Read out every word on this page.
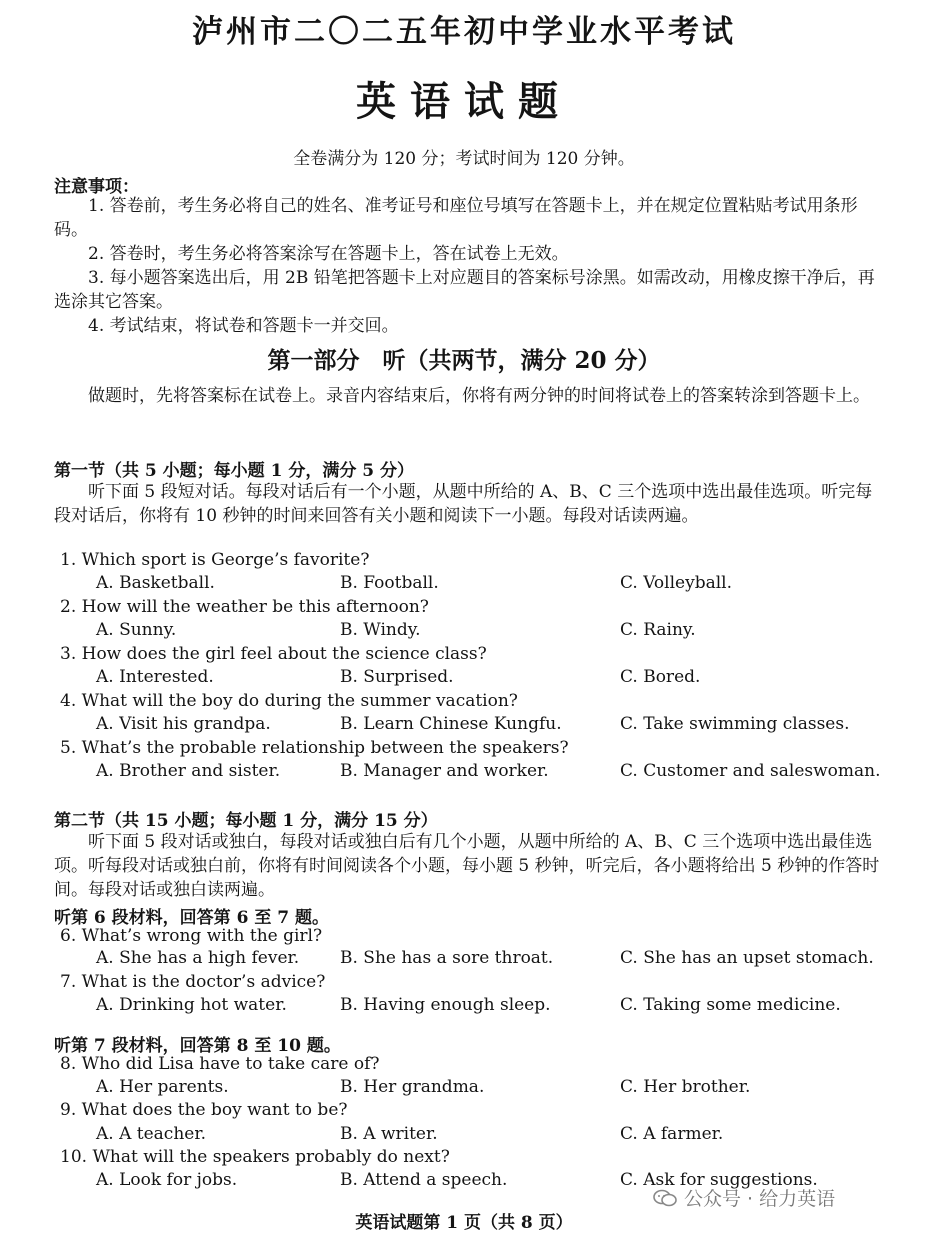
泸州市二〇二五年初中学业水平考试
英语试题
全卷满分为 120 分；考试时间为 120 分钟。
注意事项：
1. 答卷前，考生务必将自己的姓名、准考证号和座位号填写在答题卡上，并在规定位置粘贴考试用条形码。
2. 答卷时，考生务必将答案涂写在答题卡上，答在试卷上无效。
3. 每小题答案选出后，用 2B 铅笔把答题卡上对应题目的答案标号涂黑。如需改动，用橡皮擦干净后，再选涂其它答案。
4. 考试结束，将试卷和答题卡一并交回。
第一部分　听（共两节，满分 20 分）
做题时，先将答案标在试卷上。录音内容结束后，你将有两分钟的时间将试卷上的答案转涂到答题卡上。
第一节（共 5 小题；每小题 1 分，满分 5 分）
听下面 5 段短对话。每段对话后有一个小题，从题中所给的 A、B、C 三个选项中选出最佳选项。听完每段对话后，你将有 10 秒钟的时间来回答有关小题和阅读下一小题。每段对话读两遍。
1. Which sport is George’s favorite?
A. Basketball.	B. Football.	C. Volleyball.
2. How will the weather be this afternoon?
A. Sunny.	B. Windy.	C. Rainy.
3. How does the girl feel about the science class?
A. Interested.	B. Surprised.	C. Bored.
4. What will the boy do during the summer vacation?
A. Visit his grandpa.	B. Learn Chinese Kungfu.	C. Take swimming classes.
5. What’s the probable relationship between the speakers?
A. Brother and sister.	B. Manager and worker.	C. Customer and saleswoman.
第二节（共 15 小题；每小题 1 分，满分 15 分）
听下面 5 段对话或独白，每段对话或独白后有几个小题，从题中所给的 A、B、C 三个选项中选出最佳选项。听每段对话或独白前，你将有时间阅读各个小题，每小题 5 秒钟，听完后，各小题将给出 5 秒钟的作答时间。每段对话或独白读两遍。
听第 6 段材料，回答第 6 至 7 题。
6. What’s wrong with the girl?
A. She has a high fever. B. She has a sore throat.	C. She has an upset stomach.
7. What is the doctor’s advice?
A. Drinking hot water.	B. Having enough sleep.	C. Taking some medicine.
听第 7 段材料，回答第 8 至 10 题。
8. Who did Lisa have to take care of?
A. Her parents.	B. Her grandma.	C. Her brother.
9. What does the boy want to be?
A. A teacher.	B. A writer.	C. A farmer.
10. What will the speakers probably do next?
A. Look for jobs.	B. Attend a speech.	C. Ask for suggestions.
英语试题第 1 页（共 8 页）
公众号 · 给力英语
